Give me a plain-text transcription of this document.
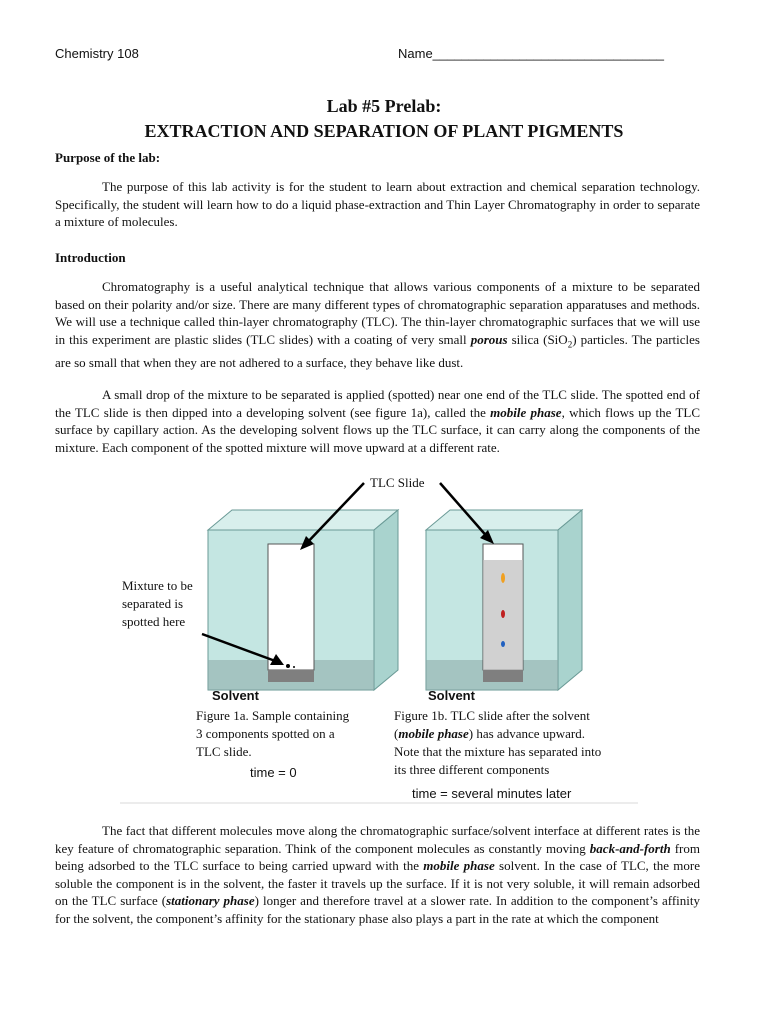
Chemistry 108	Name________________________________
Lab #5 Prelab:
EXTRACTION AND SEPARATION OF PLANT PIGMENTS
Purpose of the lab:

The purpose of this lab activity is for the student to learn about extraction and chemical separation technology. Specifically, the student will learn how to do a liquid phase-extraction and Thin Layer Chromatography in order to separate a mixture of molecules.

Introduction

Chromatography is a useful analytical technique that allows various components of a mixture to be separated based on their polarity and/or size. There are many different types of chromatographic separation apparatuses and methods. We will use a technique called thin-layer chromatography (TLC). The thin-layer chromatographic surfaces that we will use in this experiment are plastic slides (TLC slides) with a coating of very small porous silica (SiO$_2$) particles. The particles are so small that when they are not adhered to a surface, they behave like dust.

A small drop of the mixture to be separated is applied (spotted) near one end of the TLC slide. The spotted end of the TLC slide is then dipped into a developing solvent (see figure 1a), called the mobile phase, which flows up the TLC surface by capillary action. As the developing solvent flows up the TLC surface, it can carry along the components of the mixture. Each component of the spotted mixture will move upward at a different rate.

Solvent	Solvent
TLC Slide
Mixture to be
separated is
spotted here
Figure 1a. Sample containing
3 components spotted on a
TLC slide.
time = 0
Figure 1b. TLC slide after the solvent
(mobile phase) has advance upward.
Note that the mixture has separated into
its three different components
time = several minutes later

The fact that different molecules move along the chromatographic surface/solvent interface at different rates is the key feature of chromatographic separation. Think of the component molecules as constantly moving back-and-forth from being adsorbed to the TLC surface to being carried upward with the mobile phase solvent. In the case of TLC, the more soluble the component is in the solvent, the faster it travels up the surface. If it is not very soluble, it will remain adsorbed on the TLC surface (stationary phase) longer and therefore travel at a slower rate. In addition to the component’s affinity for the solvent, the component’s affinity for the stationary phase also plays a part in the rate at which the component
